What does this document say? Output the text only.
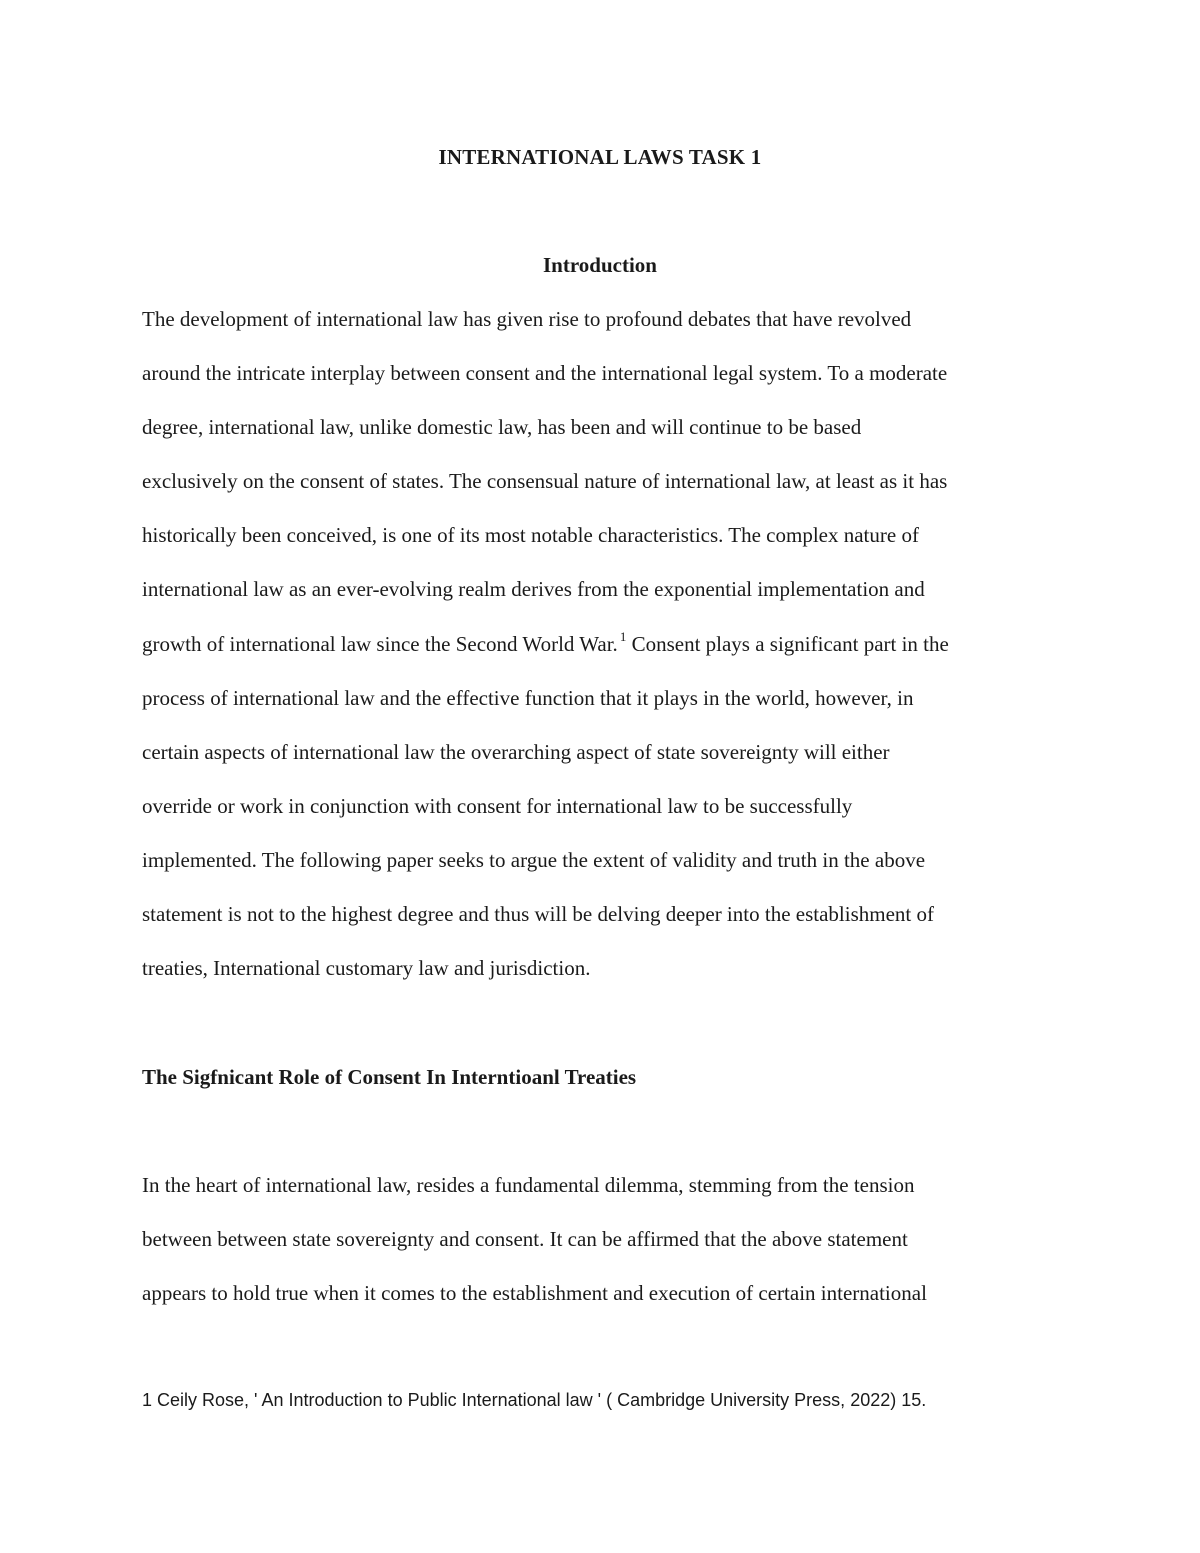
INTERNATIONAL LAWS TASK 1
Introduction
The development of international law has given rise to profound debates that have revolved
around the intricate interplay between consent and the international legal system. To a moderate
degree, international law, unlike domestic law, has been and will continue to be based
exclusively on the consent of states. The consensual nature of international law, at least as it has
historically been conceived, is one of its most notable characteristics. The complex nature of
international law as an ever-evolving realm derives from the exponential implementation and
growth of international law since the Second World War. $^1$ Consent plays a significant part in the
process of international law and the effective function that it plays in the world, however, in
certain aspects of international law the overarching aspect of state sovereignty will either
override or work in conjunction with consent for international law to be successfully
implemented. The following paper seeks to argue the extent of validity and truth in the above
statement is not to the highest degree and thus will be delving deeper into the establishment of
treaties, International customary law and jurisdiction.
The Sigfnicant Role of Consent In Interntioanl Treaties
In the heart of international law, resides a fundamental dilemma, stemming from the tension
between between state sovereignty and consent. It can be affirmed that the above statement
appears to hold true when it comes to the establishment and execution of certain international
1 Ceily Rose, ' An Introduction to Public International law ' ( Cambridge University Press, 2022) 15.
